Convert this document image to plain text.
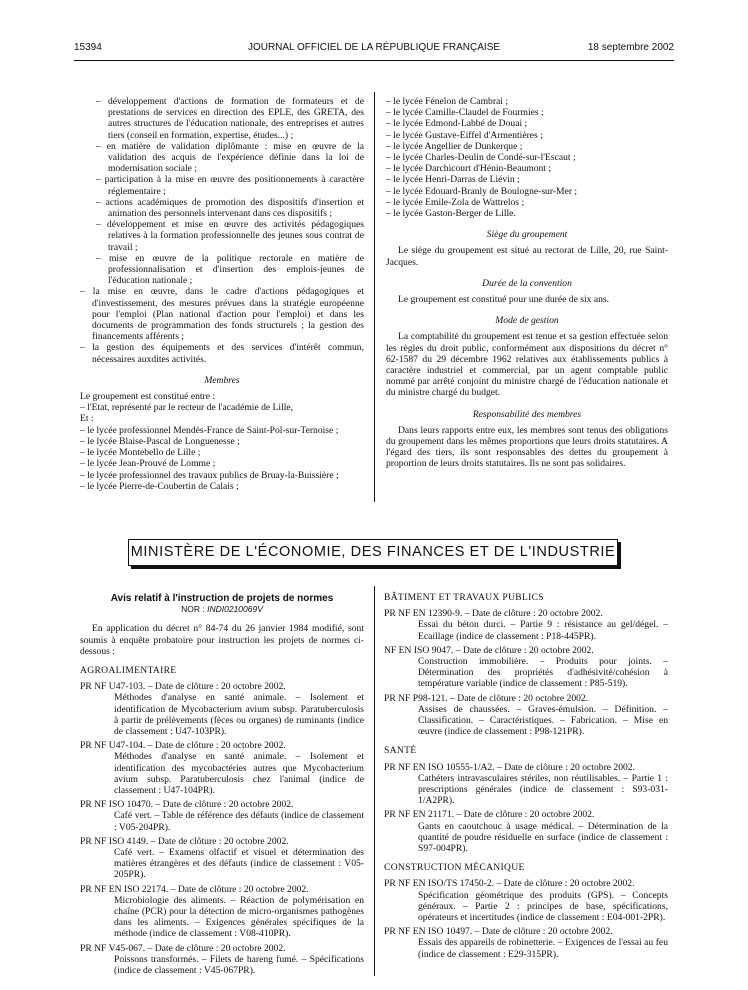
15394	JOURNAL OFFICIEL DE LA RÉPUBLIQUE FRANÇAISE	18 septembre 2002

– développement d'actions de formation de formateurs et de prestations de services en direction des EPLE, des GRETA, des autres structures de l'éducation nationale, des entreprises et autres tiers (conseil en formation, expertise, études...) ;

– en matière de validation diplômante : mise en œuvre de la validation des acquis de l'expérience définie dans la loi de modernisation sociale ;

– participation à la mise en œuvre des positionnements à caractère réglementaire ;

– actions académiques de promotion des dispositifs d'insertion et animation des personnels intervenant dans ces dispositifs ;

– développement et mise en œuvre des activités pédagogiques relatives à la formation professionnelle des jeunes sous contrat de travail ;

– mise en œuvre de la politique rectorale en matière de professionnalisation et d'insertion des emplois-jeunes de l'éducation nationale ;

– la mise en œuvre, dans le cadre d'actions pédagogiques et d'investissement, des mesures prévues dans la stratégie européenne pour l'emploi (Plan national d'action pour l'emploi) et dans les documents de programmation des fonds structurels ; la gestion des financements afférents ;

– la gestion des équipements et des services d'intérêt commun, nécessaires auxdites activités.

Membres

Le groupement est constitué entre :

– l'Etat, représenté par le recteur de l'académie de Lille,

Et :

– le lycée professionnel Mendès-France de Saint-Pol-sur-Ternoise ;

– le lycée Blaise-Pascal de Longuenesse ;

– le lycée Montebello de Lille ;

– le lycée Jean-Prouvé de Lomme ;

– le lycée professionnel des travaux publics de Bruay-la-Buissière ;

– le lycée Pierre-de-Coubertin de Calais ;

– le lycée Fénelon de Cambrai ;

– le lycée Camille-Claudel de Fourmies ;

– le lycée Edmond-Labbé de Douai ;

– le lycée Gustave-Eiffel d'Armentières ;

– le lycée Angellier de Dunkerque ;

– le lycée Charles-Deulin de Condé-sur-l'Escaut ;

– le lycée Darchicourt d'Hénin-Beaumont ;

– le lycée Henri-Darras de Liévin ;

– le lycée Edouard-Branly de Boulogne-sur-Mer ;

– le lycée Emile-Zola de Wattrelos ;

– le lycée Gaston-Berger de Lille.

Siège du groupement

Le siège du groupement est situé au rectorat de Lille, 20, rue Saint-Jacques.

Durée de la convention

Le groupement est constitué pour une durée de six ans.

Mode de gestion

La comptabilité du groupement est tenue et sa gestion effectuée selon les règles du droit public, conformément aux dispositions du décret n° 62-1587 du 29 décembre 1962 relatives aux établissements publics à caractère industriel et commercial, par un agent comptable public nommé par arrêté conjoint du ministre chargé de l'éducation nationale et du ministre chargé du budget.

Responsabilité des membres

Dans leurs rapports entre eux, les membres sont tenus des obligations du groupement dans les mêmes proportions que leurs droits statutaires. A l'égard des tiers, ils sont responsables des dettes du groupement à proportion de leurs droits statutaires. Ils ne sont pas solidaires.

MINISTÈRE DE L'ÉCONOMIE, DES FINANCES ET DE L'INDUSTRIE

Avis relatif à l'instruction de projets de normes

NOR : INDI0210069V

En application du décret n° 84-74 du 26 janvier 1984 modifié, sont soumis à enquête probatoire pour instruction les projets de normes ci-dessous :

AGROALIMENTAIRE

PR NF U47-103. – Date de clôture : 20 octobre 2002.

Méthodes d'analyse en santé animale. – Isolement et identification de Mycobacterium avium subsp. Paratuberculosis à partir de prélèvements (fèces ou organes) de ruminants (indice de classement : U47-103PR).

PR NF U47-104. – Date de clôture : 20 octobre 2002.

Méthodes d'analyse en santé animale. – Isolement et identification des mycobactéries autres que Mycobacterium avium subsp. Paratuberculosis chez l'animal (indice de classement : U47-104PR).

PR NF ISO 10470. – Date de clôture : 20 octobre 2002.

Café vert. – Table de référence des défauts (indice de classement : V05-204PR).

PR NF ISO 4149. – Date de clôture : 20 octobre 2002.

Café vert. – Examens olfactif et visuel et détermination des matières étrangères et des défauts (indice de classement : V05-205PR).

PR NF EN ISO 22174. – Date de clôture : 20 octobre 2002.

Microbiologie des aliments. – Réaction de polymérisation en chaîne (PCR) pour la détection de micro-organismes pathogènes dans les aliments. – Exigences générales spécifiques de la méthode (indice de classement : V08-410PR).

PR NF V45-067. – Date de clôture : 20 octobre 2002.

Poissons transformés. – Filets de hareng fumé. – Spécifications (indice de classement : V45-067PR).

BÂTIMENT ET TRAVAUX PUBLICS

PR NF EN 12390-9. – Date de clôture : 20 octobre 2002.

Essai du béton durci. – Partie 9 : résistance au gel/dégel. – Ecaillage (indice de classement : P18-445PR).

NF EN ISO 9047. – Date de clôture : 20 octobre 2002.

Construction immobilière. – Produits pour joints. – Détermination des propriétés d'adhésivité/cohésion à température variable (indice de classement : P85-519).

PR NF P98-121. – Date de clôture : 20 octobre 2002.

Assises de chaussées. – Graves-émulsion. – Définition. – Classification. – Caractéristiques. – Fabrication. – Mise en œuvre (indice de classement : P98-121PR).

SANTÉ

PR NF EN ISO 10555-1/A2. – Date de clôture : 20 octobre 2002.

Cathéters intravasculaires stériles, non réutilisables. – Partie 1 : prescriptions générales (indice de classement : S93-031-1/A2PR).

PR NF EN 21171. – Date de clôture : 20 octobre 2002.

Gants en caoutchouc à usage médical. – Détermination de la quantité de poudre résiduelle en surface (indice de classement : S97-004PR).

CONSTRUCTION MÉCANIQUE

PR NF EN ISO/TS 17450-2. – Date de clôture : 20 octobre 2002.

Spécification géométrique des produits (GPS). – Concepts généraux. – Partie 2 : principes de base, spécifications, opérateurs et incertitudes (indice de classement : E04-001-2PR).

PR NF EN ISO 10497. – Date de clôture : 20 octobre 2002.

Essais des appareils de robinetterie. – Exigences de l'essai au feu (indice de classement : E29-315PR).
